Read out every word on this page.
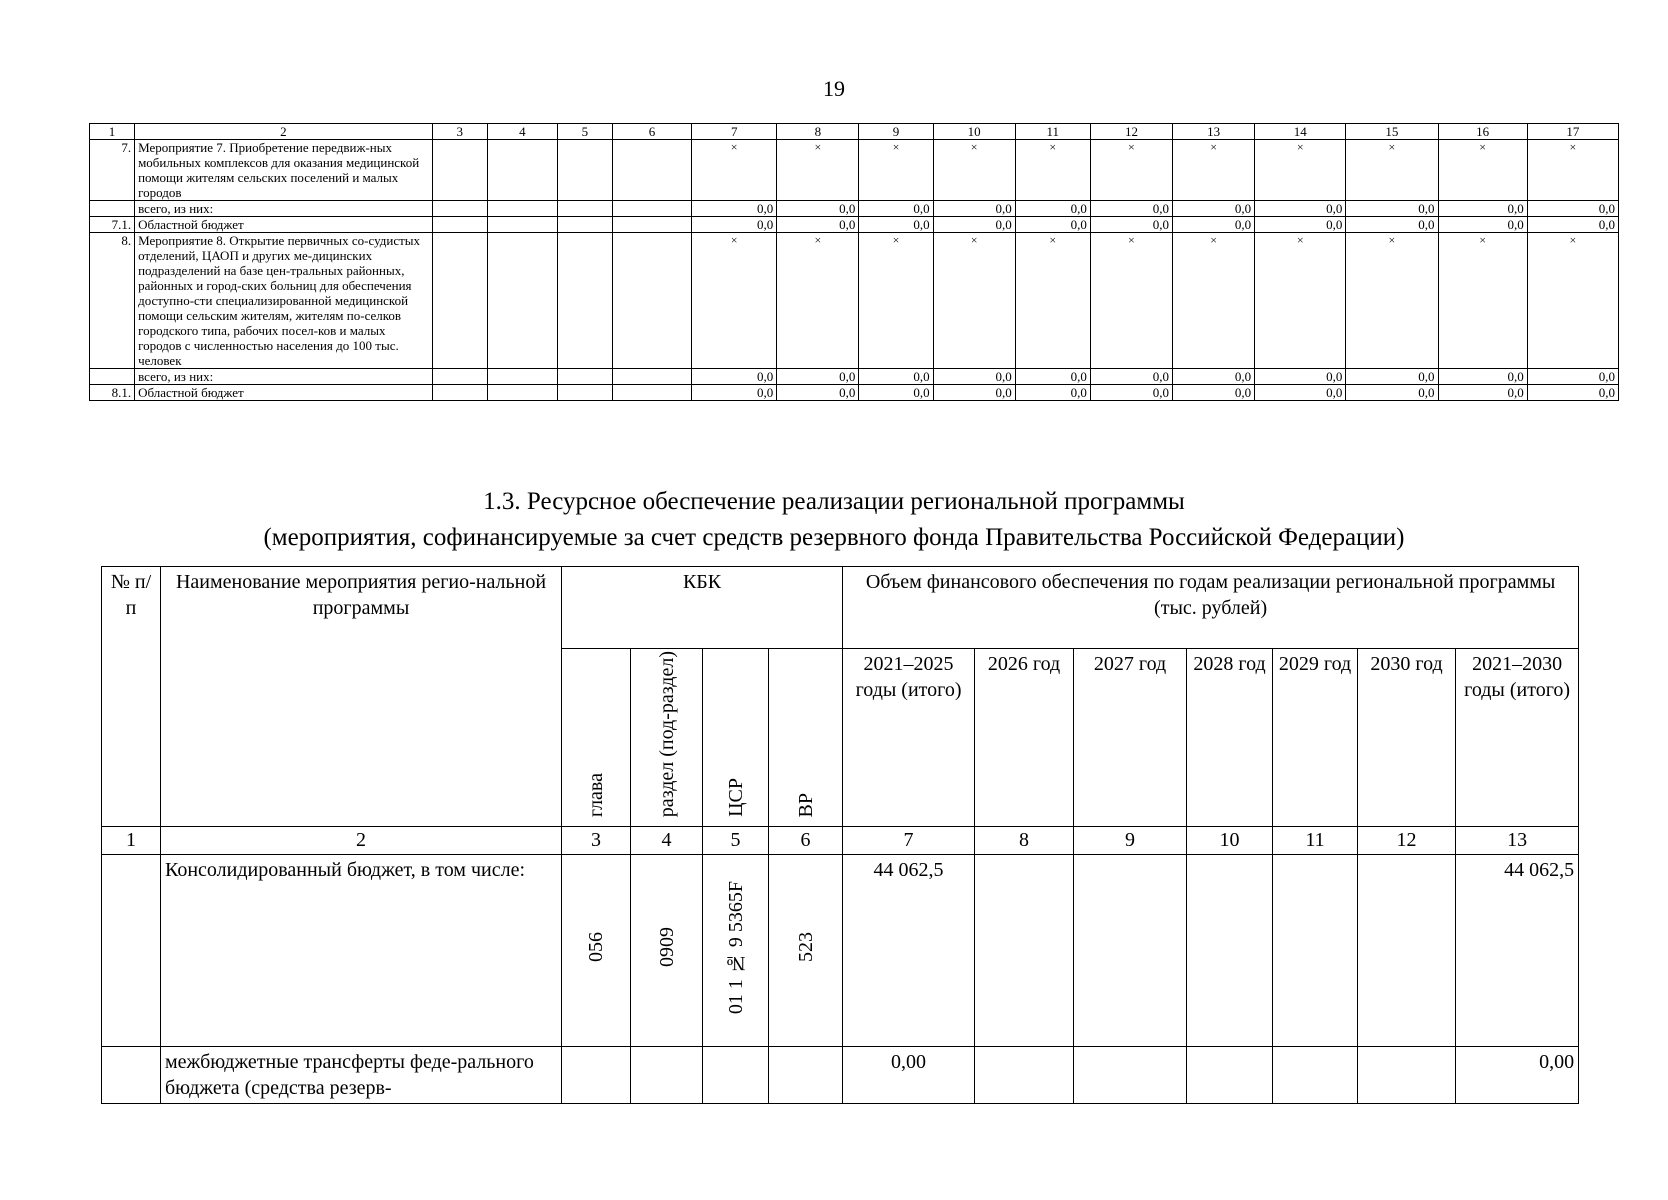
19
1	2	3	4	5	6	7	8	9	10	11	12	13	14	15	16	17
7.	Мероприятие 7. Приобретение передвиж-ных мобильных комплексов для оказания медицинской помощи жителям сельских поселений и малых городов					×	×	×	×	×	×	×	×	×	×	×
	всего, из них:					0,0	0,0	0,0	0,0	0,0	0,0	0,0	0,0	0,0	0,0	0,0
7.1.	Областной бюджет					0,0	0,0	0,0	0,0	0,0	0,0	0,0	0,0	0,0	0,0	0,0
8.	Мероприятие 8. Открытие первичных со-судистых отделений, ЦАОП и других ме-дицинских подразделений на базе цен-тральных районных, районных и город-ских больниц для обеспечения доступно-сти специализированной медицинской помощи сельским жителям, жителям по-селков городского типа, рабочих посел-ков и малых городов с численностью населения до 100 тыс. человек					×	×	×	×	×	×	×	×	×	×	×
	всего, из них:					0,0	0,0	0,0	0,0	0,0	0,0	0,0	0,0	0,0	0,0	0,0
8.1.	Областной бюджет					0,0	0,0	0,0	0,0	0,0	0,0	0,0	0,0	0,0	0,0	0,0
1.3. Ресурсное обеспечение реализации региональной программы
(мероприятия, софинансируемые за счет средств резервного фонда Правительства Российской Федерации)
№ п/п	Наименование мероприятия регио-нальной программы	КБК				Объем финансового обеспечения по годам реализации региональной программы (тыс. рублей)						
		глава	раздел (под-раздел)	ЦСР	ВР	2021–2025 годы (итого)	2026 год	2027 год	2028 год	2029 год	2030 год	2021–2030 годы (итого)
1	2	3	4	5	6	7	8	9	10	11	12	13
	Консолидированный бюджет, в том числе:	056	0909	01 1 № 9 5365F	523	44 062,5						44 062,5
	межбюджетные трансферты феде-рального бюджета (средства резерв-					0,00						0,00
